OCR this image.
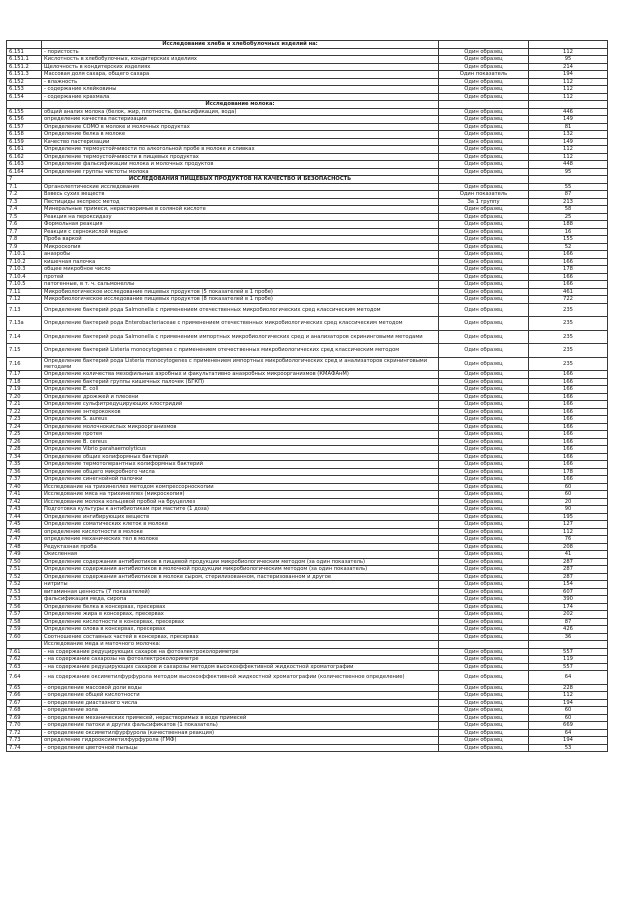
	Исследование хлеба и хлебобулочных изделий на:		
6.151	- пористость	Один образец	112
6.151.1	Кислотность в хлебобулочных, кондитерских изделиях	Один образец	95
6.151.2	Щелочность в кондитерских изделиях	Один образец	214
6.151.3	Массовая доля сахара, общего сахара	Один показатель	194
6.152	- влажность	Один образец	112
6.153	- содержание клейковины	Один образец	112
6.154	- содержание крахмала	Один образец	112
	Исследование молока:		
6.155	общий анализ молока (белок, жир, плотность, фальсификация, вода)	Один образец	446
6.156	определение качества пастеризации	Один образец	149
6.157	Определение СОМО в молоке и молочных продуктах	Один образец	81
6.158	Определение белка в молоке	Один образец	132
6.159	Качество пастеризации	Один образец	149
6.161	Определение термоустойчивости по алкогольной пробе в молоке и сливках	Один образец	112
6.162	Определение термоустойчивости в пищевых продуктах	Один образец	112
6.163	Определение фальсификации молока и молочных продуктов	Один образец	448
6.164	Определение группы чистоты молока	Один образец	95
7	ИССЛЕДОВАНИЯ ПИЩЕВЫХ ПРОДУКТОВ НА КАЧЕСТВО И БЕЗОПАСНОСТЬ		
7.1	Органолептические исследования	Один образец	55
7.2	Взвесь сухих веществ	Один показатель	87
7.3	Пестициды экспресс метод	За 1 группу	213
7.4	Минеральные примеси, нерастворимые в соляной кислоте	Один образец	58
7.5	Реакция на пероксидазу	Один образец	25
7.6	Формольная реакция	Один образец	188
7.7	Реакция с сернокислой медью	Один образец	16
7.8	Проба варкой	Один образец	155
7.9	Микроскопия	Один образец	52
7.10.1	анаэробы	Один образец	166
7.10.2	кишечная палочка	Один образец	166
7.10.3	общее микробное число	Один образец	178
7.10.4	протей	Один образец	166
7.10.5	патогенные, в т. ч. сальмонеллы	Один образец	166
7.11	Микробиологическое исследование пищевых продуктов (5 показателей в 1 пробе)	Один образец	461
7.12	Микробиологическое исследование пищевых продуктов (8 показателей в 1 пробе)	Один образец	722
7.13	Определение бактерий рода Salmonella с применением отечественных микробиологических сред классическим методом	Один образец	235
7.13а	Определение бактерий рода Enterobacteriaceae с применением отечественных микробиологических сред классическим методом	Один образец	235
7.14	Определение бактерий рода Salmonella с применением импортных микробиологических сред и анализаторов скрининговыми методами	Один образец	235
7.15	Определение бактерий Listeria monocytogenes с применением отечественных микробиологических сред классическим методом	Один образец	235
7.16	Определение бактерий рода Listeria monocytogenes с применением импортных микробиологических сред и анализаторов скрининговыми методами	Один образец	235
7.17	Определение количества мезофильных аэробных и факультативно анаэробных микроорганизмов (КМАФАнМ)	Один образец	166
7.18	Определение бактерий группы кишечных палочек (БГКП)	Один образец	166
7.19	Определение E. coli	Один образец	166
7.20	Определение дрожжей и плесени	Один образец	166
7.21	Определение сульфитредуцирующих клостридий	Один образец	166
7.22	Определение энтерококков	Один образец	166
7.23	Определение S. aureus	Один образец	166
7.24	Определение молочнокислых микроорганизмов	Один образец	166
7.25	Определение протея	Один образец	166
7.26	Определение B. cereus	Один образец	166
7.28	Определение Vibrio parahaemolyticus	Один образец	166
7.34	Определение общих колиформных бактерий	Один образец	166
7.35	Определение термотолерантных колиформных бактерий	Один образец	166
7.36	Определение общего микробного числа	Один образец	178
7.37	Определение синегнойной палочки	Один образец	166
7.40	Исследование на трихинеллез методом компрессорноскопии	Один образец	60
7.41	Исследование мяса на трихинеллез (микроскопия)	Один образец	60
7.42	Исследование молока кольцевой пробой на бруцеллез	Один образец	20
7.43	Подготовка культуры к антибиотикам при мастите (1 доза)	Один образец	90
7.44	Определение ингибирующих веществ	Один образец	195
7.45	Определение соматических клеток в молоке	Один образец	127
7.46	определение кислотности в молоке	Один образец	112
7.47	определение механических тел в молоке	Один образец	76
7.48	Редуктазная проба	Один образец	208
7.49	Окисленная	Один образец	41
7.50	Определение содержания антибиотиков в пищевой продукции микробиологическим методом (за один показатель)	Один образец	287
7.51	Определение содержания антибиотиков в молочной продукции микробиологическим методом (за один показатель)	Один образец	287
7.52	Определение содержания антибиотиков в молоке сыром, стерилизованном, пастеризованном и другое	Один образец	287
7.52	нитриты	Один образец	154
7.53	витаминная ценность (7 показателей)	Один образец	607
7.53	фальсификация меда, сиропа	Один образец	390
7.56	Определение белка в консервах, пресервах	Один образец	174
7.57	Определение жира в консервах, пресервах	Один образец	202
7.58	Определение кислотности в консервах, пресервах	Один образец	87
7.59	Определение олова в консервах, пресервах	Один образец	426
7.60	Соотношение составных частей в консервах, пресервах	Один образец	36
	Исследование меда и маточного молочка:		
7.61	- на содержание редуцирующих сахаров на фотоэлектроколориметре	Один образец	557
7.62	- на содержание сахарозы на фотоэлектроколориметре	Один образец	119
7.63	- на содержание редуцирующих сахаров и сахарозы методом высокоэффективной жидкостной хроматографии	Один образец	557
7.64	- на содержание оксиметилфурфурола методом высокоэффективной жидкостной хроматографии (количественное определение)	Один образец	64
7.65	- определение массовой доли воды	Один образец	228
7.66	- определение общей кислотности	Один образец	112
7.67	- определение диастазного числа	Один образец	194
7.68	- определение зола	Один образец	60
7.69	- определение механических примесей, нерастворимых в воде примесей	Один образец	60
7.70	- определение патоки и других фальсификатов (1 показатель)	Один образец	669
7.72	- определение оксиметилфурфурола (качественная реакция)	Один образец	64
7.73	определение гидрооксиметилфурфурола (ГМФ)	Один образец	194
7.74	- определение цветочной пыльцы	Один образец	53
